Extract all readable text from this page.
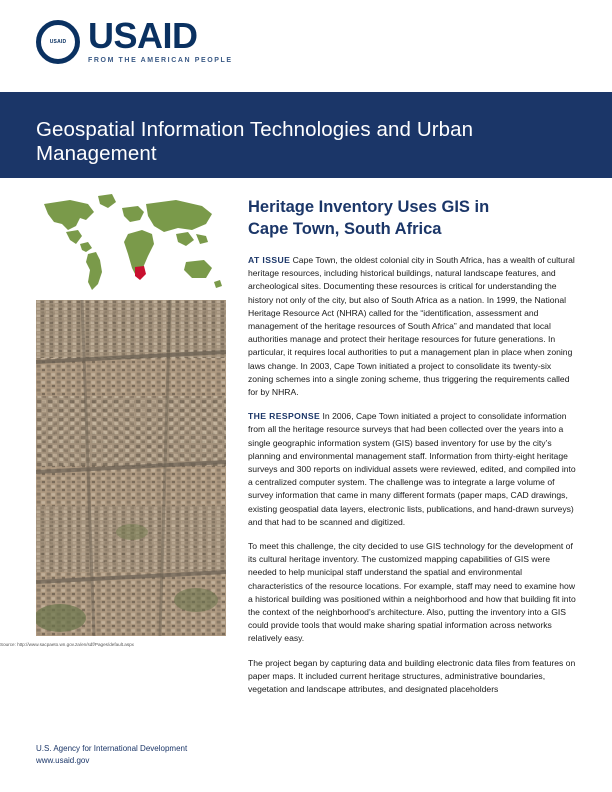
USAID USAID
FROM THE AMERICAN PEOPLE
Geospatial Information Technologies and Urban Management
Source: http://www.sacpaeto.wn.gov.za/en/sdf/Pages/default.aspx
U.S. Agency for International Development
www.usaid.gov
Heritage Inventory Uses GIS in
Cape Town, South Africa

AT ISSUE Cape Town, the oldest colonial city in South Africa, has a wealth of cultural heritage resources, including historical buildings, natural landscape features, and archeological sites. Documenting these resources is critical for understanding the history not only of the city, but also of South Africa as a nation. In 1999, the National Heritage Resource Act (NHRA) called for the “identification, assessment and management of the heritage resources of South Africa” and mandated that local authorities manage and protect their heritage resources for future generations. In particular, it requires local authorities to put a management plan in place when zoning laws change. In 2003, Cape Town initiated a project to consolidate its twenty-six zoning schemes into a single zoning scheme, thus triggering the requirements called for by NHRA.

THE RESPONSE In 2006, Cape Town initiated a project to consolidate information from all the heritage resource surveys that had been collected over the years into a single geographic information system (GIS) based inventory for use by the city’s planning and environmental management staff. Information from thirty-eight heritage surveys and 300 reports on individual assets were reviewed, edited, and compiled into a centralized computer system. The challenge was to integrate a large volume of survey information that came in many different formats (paper maps, CAD drawings, existing geospatial data layers, electronic lists, publications, and hand-drawn surveys) and that had to be scanned and digitized.

To meet this challenge, the city decided to use GIS technology for the development of its cultural heritage inventory. The customized mapping capabilities of GIS were needed to help municipal staff understand the spatial and environmental characteristics of the resource locations. For example, staff may need to examine how a historical building was positioned within a neighborhood and how that building fit into the context of the neighborhood’s architecture. Also, putting the inventory into a GIS could provide tools that would make sharing spatial information across networks relatively easy.

The project began by capturing data and building electronic data files from features on paper maps. It included current heritage structures, administrative boundaries, vegetation and landscape attributes, and designated placeholders
